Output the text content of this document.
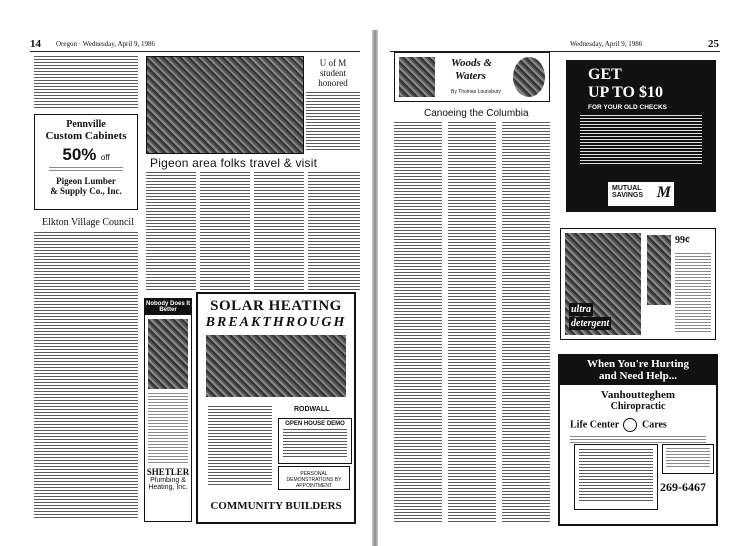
14 Oregon · Wednesday, April 9, 1986
Pennville
Custom Cabinets
50% off
Pigeon Lumber
& Supply Co., Inc.
Elkton Village Council
U of M student honored
Pigeon area folks travel & visit
Nobody Does It Better
SHETLER
Plumbing &
Heating, Inc.
SOLAR HEATING
BREAKTHROUGH
RODWALL
OPEN HOUSE DEMO
PERSONAL DEMONSTRATIONS BY APPOINTMENT
COMMUNITY BUILDERS
Wednesday, April 9, 1986	25
Woods &
Waters
By Thomas Lounsbury
Canoeing the Columbia
GET
UP TO $10
FOR YOUR OLD CHECKS
MUTUAL
SAVINGS M
ultra
detergent
99¢
When You're Hurting
and Need Help...
Vanhoutteghem
Chiropractic
Life Center Cares
269-6467
